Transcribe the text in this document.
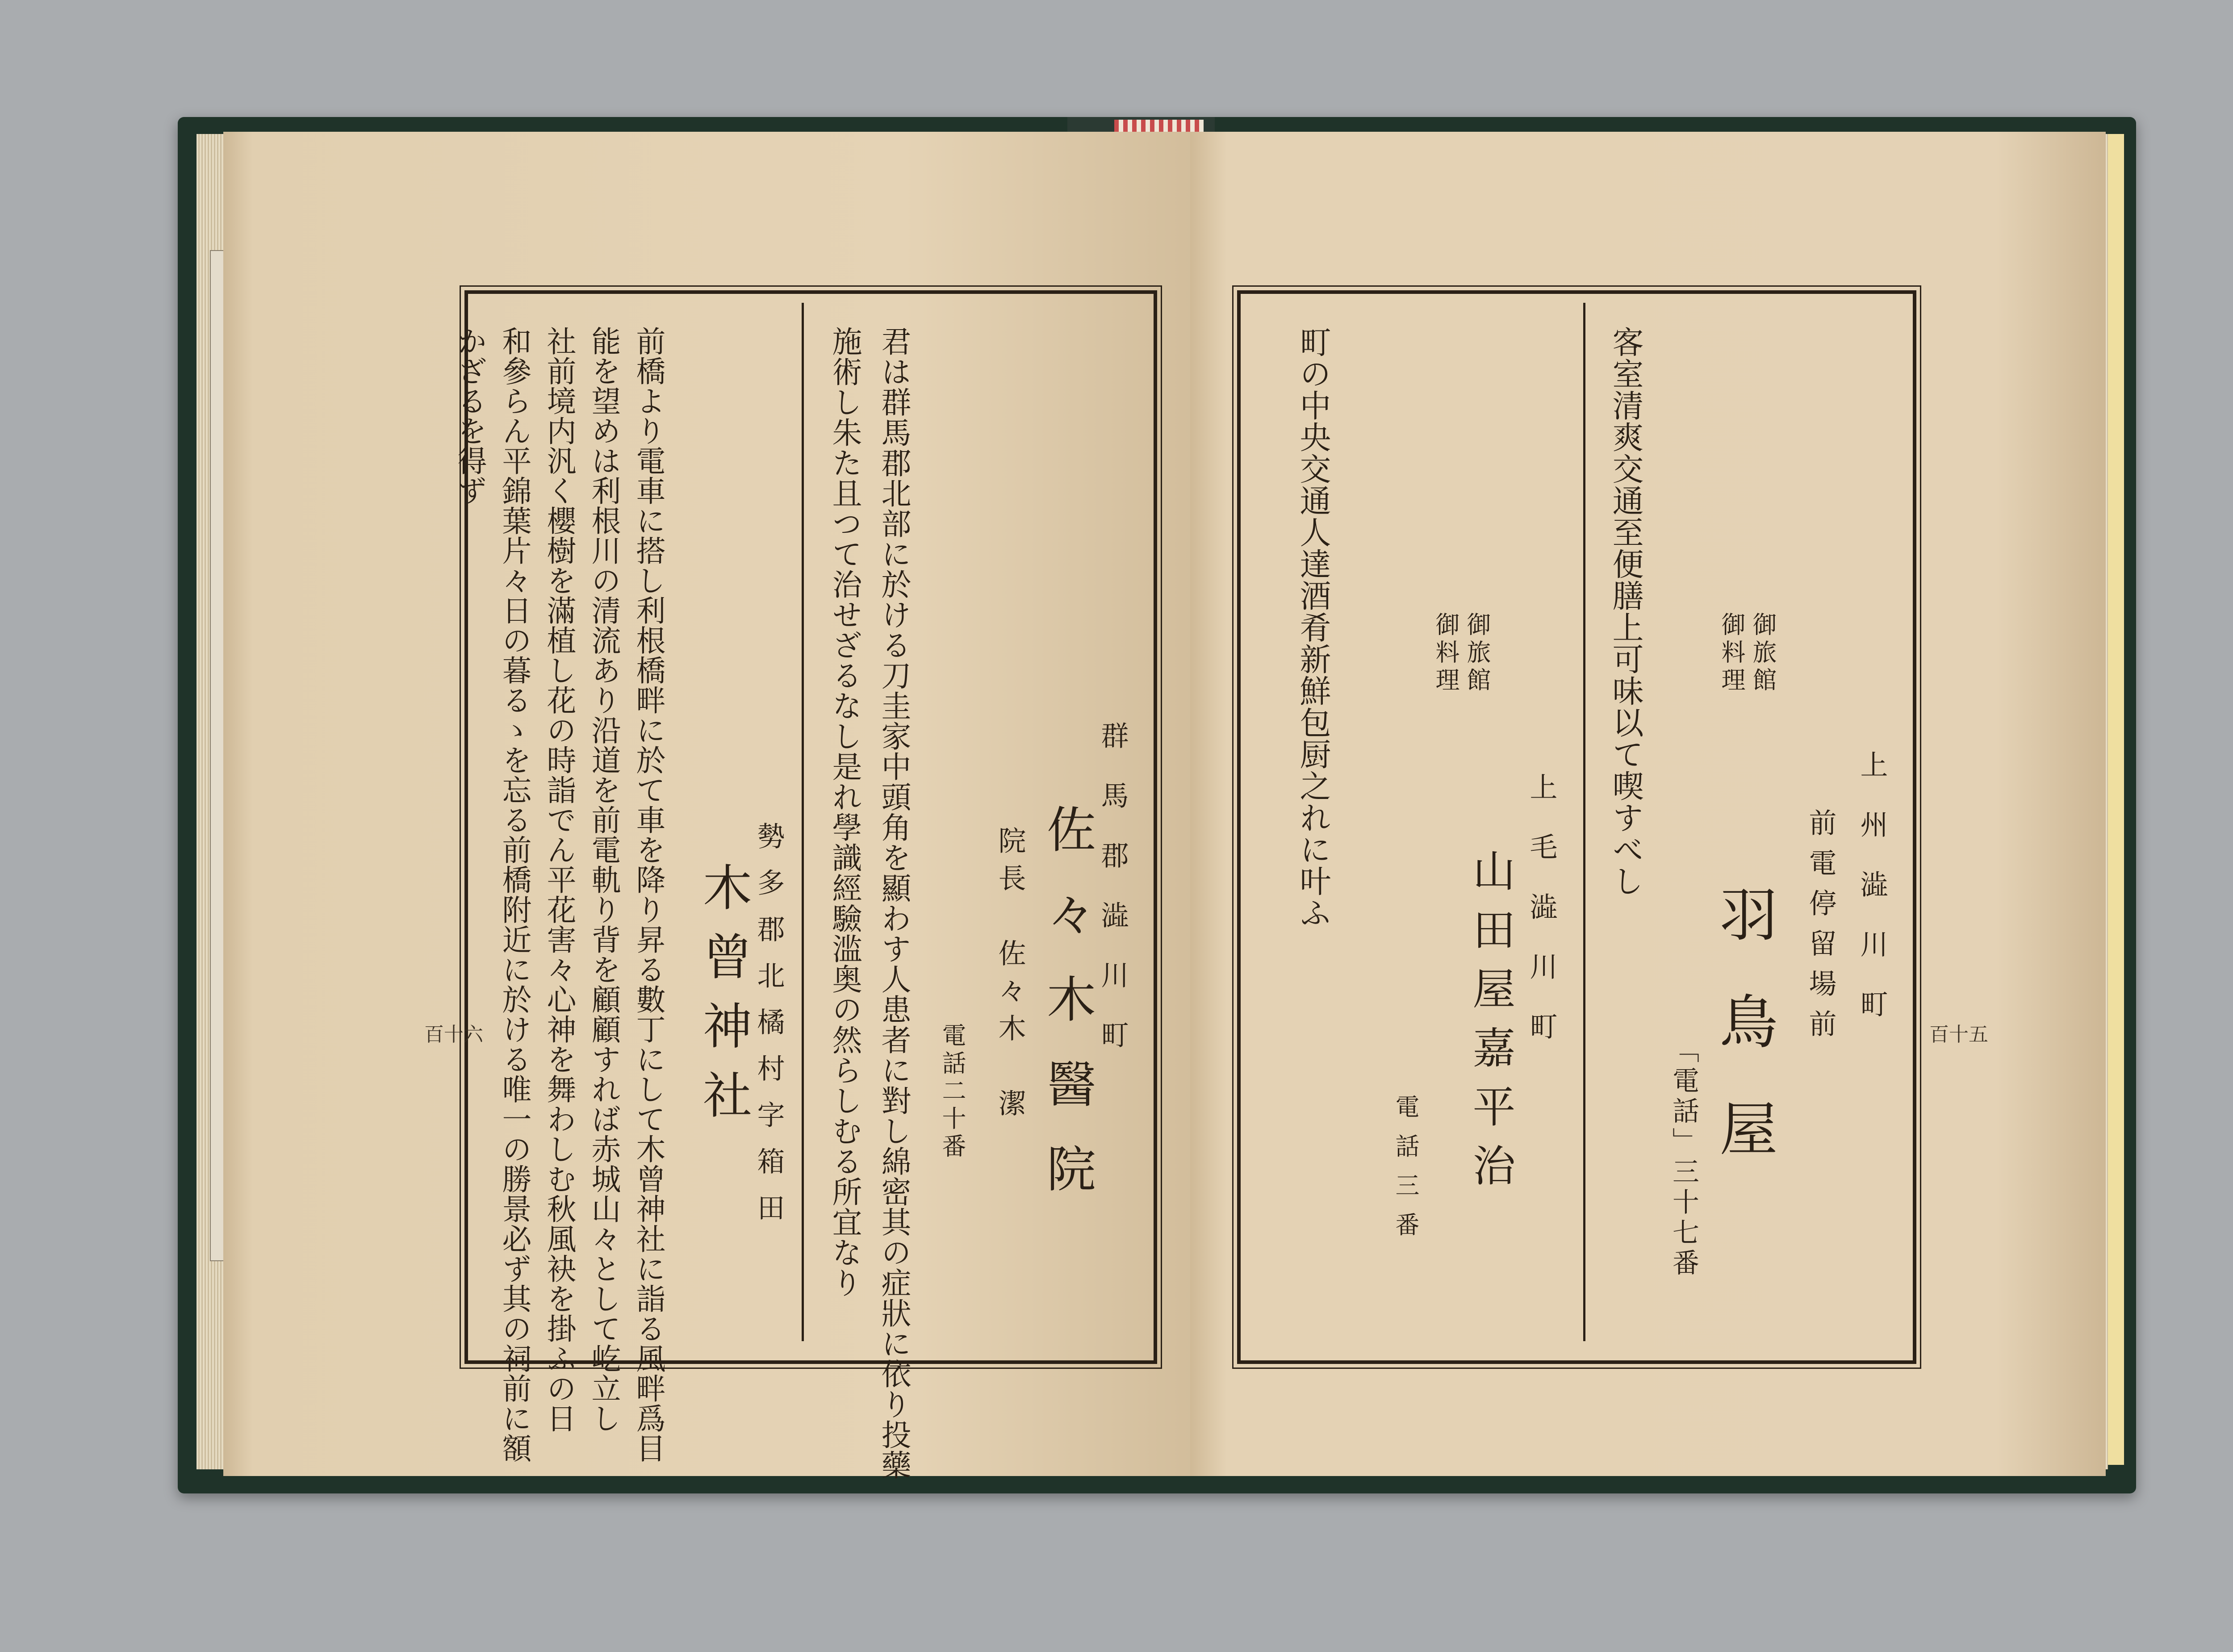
群馬郡澁川町
佐々木醫院
院長　佐々木　潔
電話二十番
君は群馬郡北部に於ける刀圭家中頭角を顯わす人患者に對し綿密其の症狀に依り投藥
施術し朱た且つて治せざるなし是れ學識經驗滥奥の然らしむる所宜なり
木曾神社 勢多郡北橘村字箱田
前橋より電車に搭し利根橋畔に於て車を降り昇る數丁にして木曾神社に詣る風畔爲目
能を望めは利根川の清流あり沿道を前電軌り背を顧顧すれば赤城山々として屹立し
社前境内汎く櫻樹を滿植し花の時詣でん平花害々心神を舞わしむ秋風袂を掛ふの日
和參らん平錦葉片々日の暮るゝを忘る前橋附近に於ける唯一の勝景必ず其の祠前に額
かざるを得ず
百十六	上州澁川町
前電停留場前
御旅館
御料理
羽鳥屋
「電話」三十七番
客室清爽交通至便膳上可味以て喫すべし
御旅館
御料理
上毛澁川町
山田屋嘉平治
電話三番
町の中央交通人達酒肴新鮮包厨之れに叶ふ
百十五
